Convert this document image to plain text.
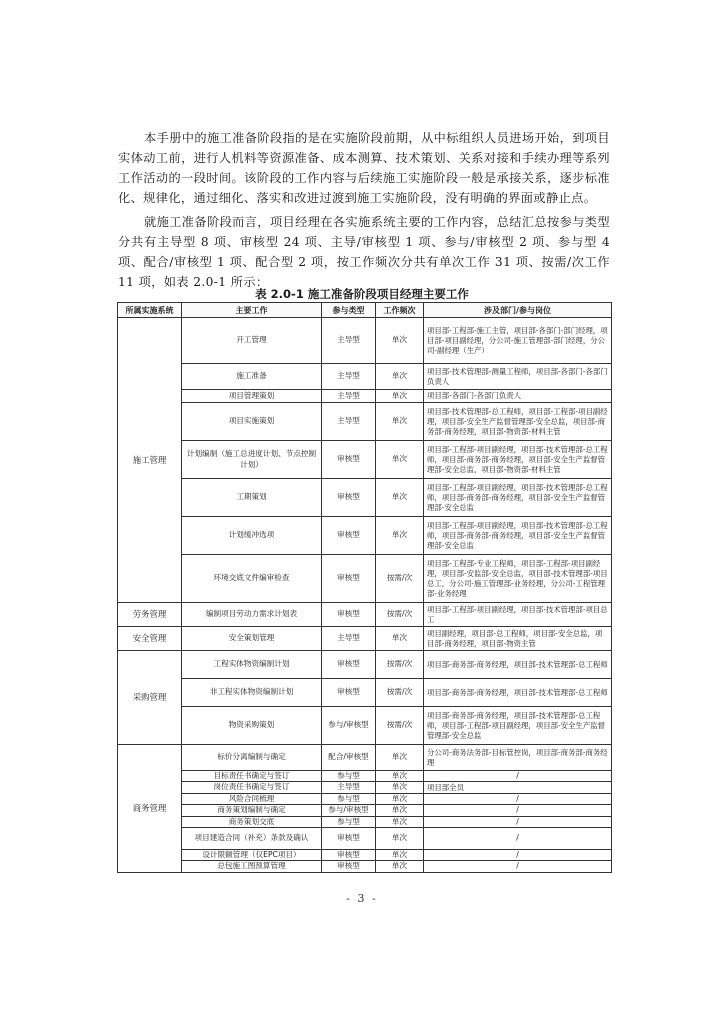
本手册中的施工准备阶段指的是在实施阶段前期，从中标组织人员进场开始，到项目实体动工前，进行人机料等资源准备、成本测算、技术策划、关系对接和手续办理等系列工作活动的一段时间。该阶段的工作内容与后续施工实施阶段一般是承接关系，逐步标准化、规律化，通过细化、落实和改进过渡到施工实施阶段，没有明确的界面或静止点。

就施工准备阶段而言，项目经理在各实施系统主要的工作内容，总结汇总按参与类型分共有主导型 8 项、审核型 24 项、主导/审核型 1 项、参与/审核型 2 项、参与型 4 项、配合/审核型 1 项、配合型 2 项，按工作频次分共有单次工作 31 项、按需/次工作 11 项，如表 2.0-1 所示：

表 2.0-1 施工准备阶段项目经理主要工作

所属实施系统	主要工作	参与类型	工作频次	涉及部门/参与岗位
施工管理	开工管理	主导型	单次	项目部-工程部-施工主管，项目部-各部门-部门经理，项目部-项目副经理，分公司-施工管理部-部门经理，分公司-副经理（生产）
	施工准备	主导型	单次	项目部-技术管理部-测量工程师，项目部-各部门-各部门负责人
	项目管理策划	主导型	单次	项目部-各部门-各部门负责人
	项目实施策划	主导型	单次	项目部-技术管理部-总工程师，项目部-工程部-项目副经理，项目部-安全生产监督管理部-安全总监，项目部-商务部-商务经理，项目部-物资部-材料主管
	计划编制（施工总进度计划、节点控制计划）	审核型	单次	项目部-工程部-项目副经理，项目部-技术管理部-总工程师，项目部-商务部-商务经理，项目部-安全生产监督管理部-安全总监，项目部-物资部-材料主管
	工期策划	审核型	单次	项目部-工程部-项目副经理，项目部-技术管理部-总工程师，项目部-商务部-商务经理，项目部-安全生产监督管理部-安全总监
	计划缓冲选项	审核型	单次	项目部-工程部-项目副经理，项目部-技术管理部-总工程师，项目部-商务部-商务经理，项目部-安全生产监督管理部-安全总监
	环境交底文件编审检查	审核型	按需/次	项目部-工程部-专业工程师，项目部-工程部-项目副经理，项目部-安监部-安全总监，项目部-技术管理部-项目总工，分公司-施工管理部-业务经理，分公司-工程管理部-业务经理
劳务管理	编制项目劳动力需求计划表	审核型	按需/次	项目部-工程部-项目副经理，项目部-技术管理部-项目总工
安全管理	安全策划管理	主导型	单次	项目副经理，项目部-总工程师，项目部-安全总监，项目部-商务经理，项目部-物资主管
采购管理	工程实体物资编制计划	审核型	按需/次	项目部-商务部-商务经理，项目部-技术管理部-总工程师
	非工程实体物资编制计划	审核型	按需/次	项目部-商务部-商务经理，项目部-技术管理部-总工程师
	物资采购策划	参与/审核型	按需/次	项目部-商务部-商务经理，项目部-技术管理部-总工程师，项目部-工程部-项目副经理，项目部-安全生产监督管理部-安全总监
商务管理	标价分离编制与确定	配合/审核型	单次	分公司-商务法务部-目标管控岗，项目部-商务部-商务经理
	目标责任书确定与签订	参与型	单次	/
	岗位责任书确定与签订	主导型	单次	项目部全员
	风险合同梳理	参与型	单次	/
	商务策划编制与确定	参与/审核型	单次	/
	商务策划交底	参与型	单次	/
	项目建造合同（补充）条款及确认	审核型	单次	/
	设计限额管理（仅EPC项目）	审核型	单次	/
	总包施工图预算管理	审核型	单次	/

- 3 -
